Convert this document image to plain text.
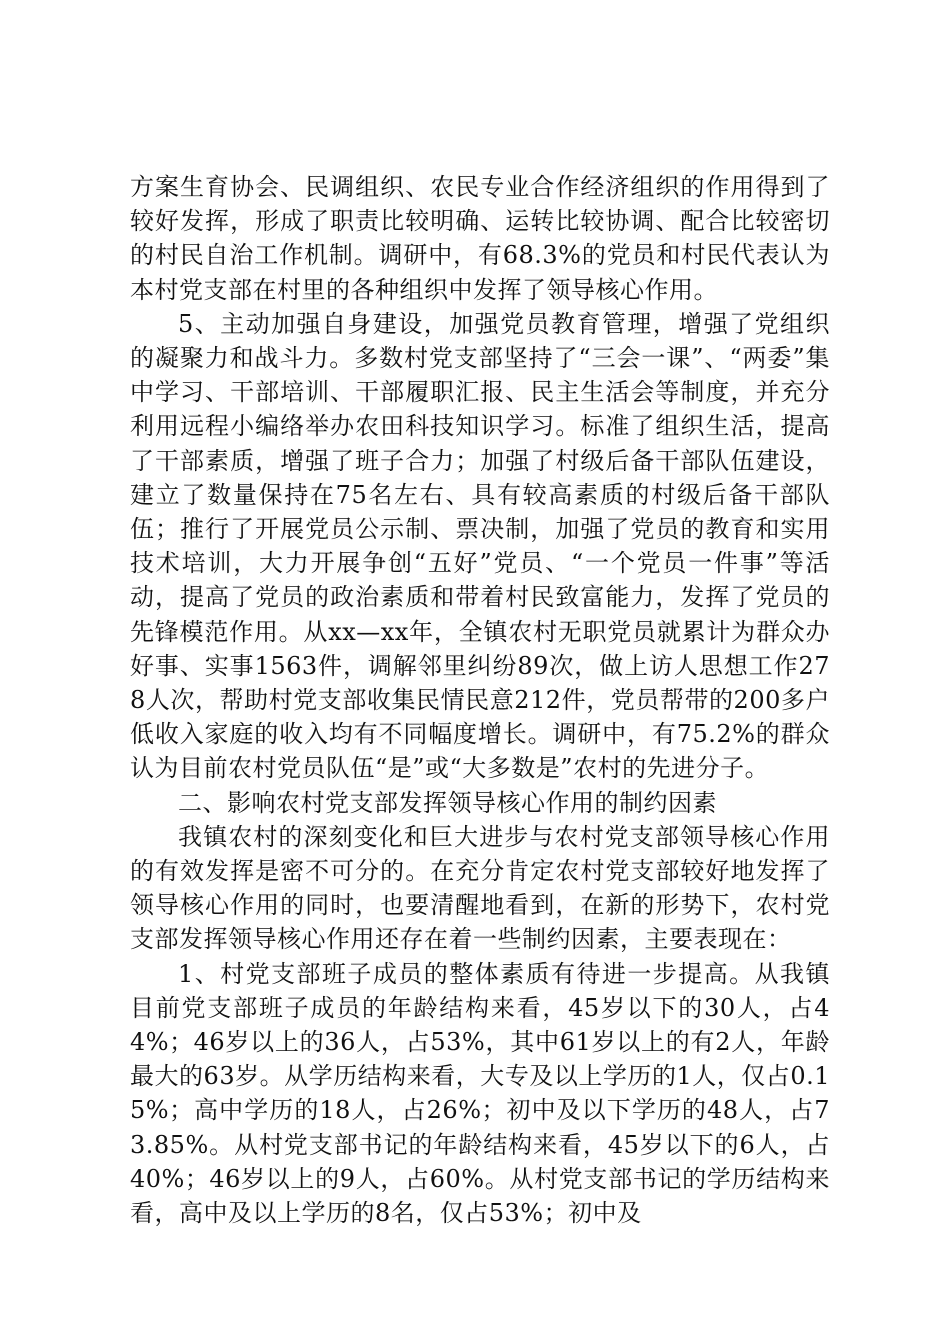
方案生育协会、民调组织、农民专业合作经济组织的作用得到了较好发挥，形成了职责比较明确、运转比较协调、配合比较密切的村民自治工作机制。调研中，有68.3%的党员和村民代表认为本村党支部在村里的各种组织中发挥了领导核心作用。

5、主动加强自身建设，加强党员教育管理，增强了党组织的凝聚力和战斗力。多数村党支部坚持了“三会一课”、“两委”集中学习、干部培训、干部履职汇报、民主生活会等制度，并充分利用远程小编络举办农田科技知识学习。标准了组织生活，提高了干部素质，增强了班子合力；加强了村级后备干部队伍建设，建立了数量保持在75名左右、具有较高素质的村级后备干部队伍；推行了开展党员公示制、票决制，加强了党员的教育和实用技术培训，大力开展争创“五好”党员、“一个党员一件事”等活动，提高了党员的政治素质和带着村民致富能力，发挥了党员的先锋模范作用。从xx—xx年，全镇农村无职党员就累计为群众办好事、实事1563件，调解邻里纠纷89次，做上访人思想工作278人次，帮助村党支部收集民情民意212件，党员帮带的200多户低收入家庭的收入均有不同幅度增长。调研中，有75.2%的群众认为目前农村党员队伍“是”或“大多数是”农村的先进分子。

二、影响农村党支部发挥领导核心作用的制约因素

我镇农村的深刻变化和巨大进步与农村党支部领导核心作用的有效发挥是密不可分的。在充分肯定农村党支部较好地发挥了领导核心作用的同时，也要清醒地看到，在新的形势下，农村党支部发挥领导核心作用还存在着一些制约因素，主要表现在：

1、村党支部班子成员的整体素质有待进一步提高。从我镇目前党支部班子成员的年龄结构来看，45岁以下的30人，占44%；46岁以上的36人，占53%，其中61岁以上的有2人，年龄最大的63岁。从学历结构来看，大专及以上学历的1人，仅占0.15%；高中学历的18人，占26%；初中及以下学历的48人，占73.85%。从村党支部书记的年龄结构来看，45岁以下的6人，占40%；46岁以上的9人，占60%。从村党支部书记的学历结构来看，高中及以上学历的8名，仅占53%；初中及
